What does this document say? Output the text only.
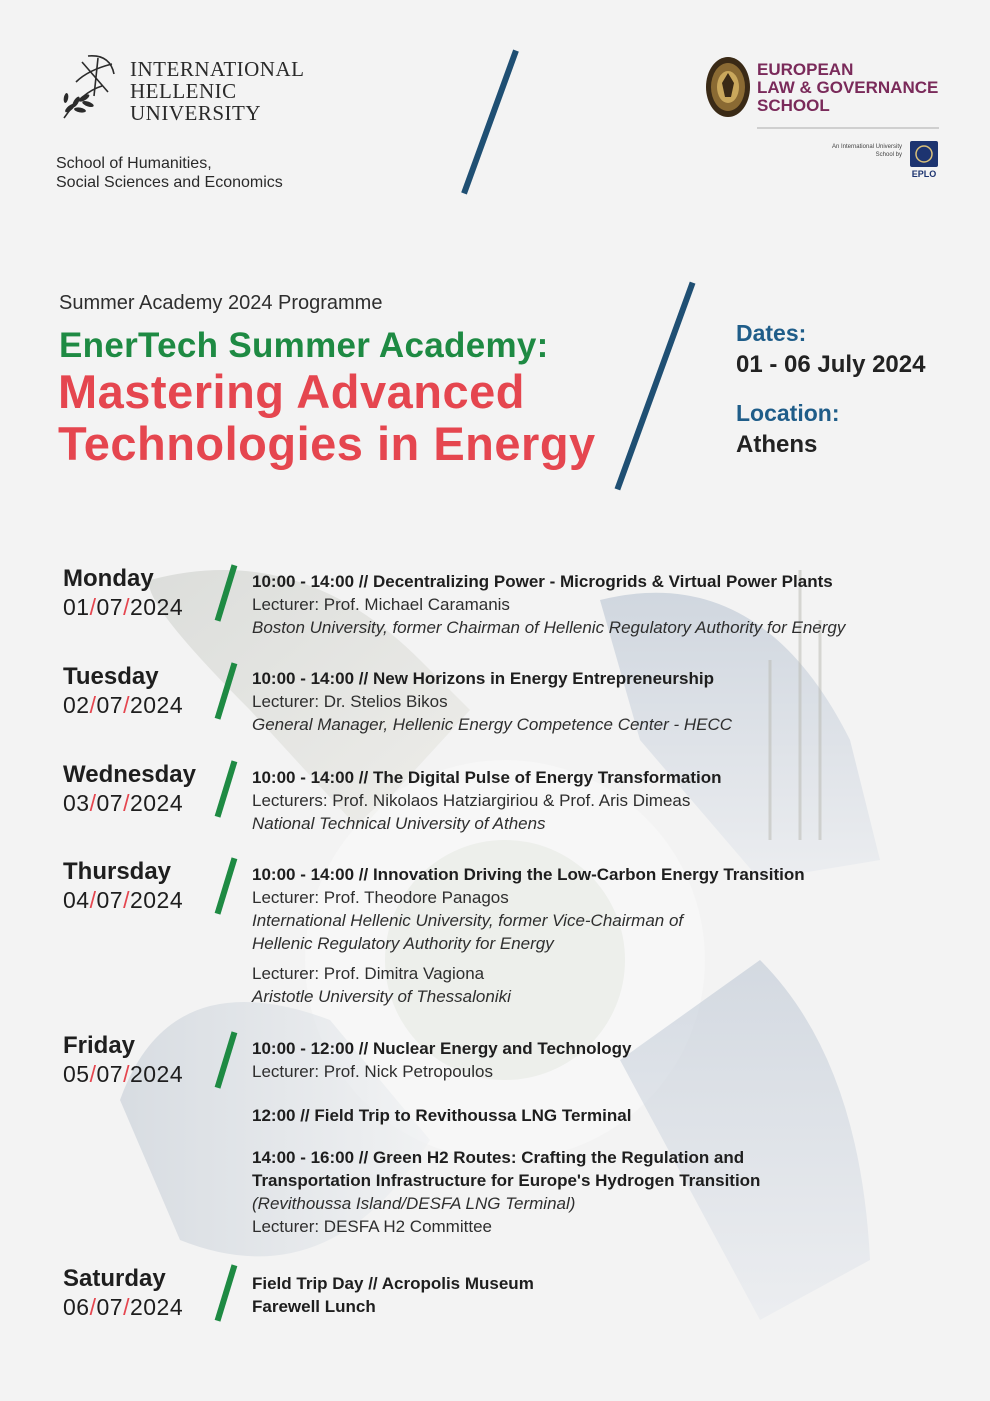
INTERNATIONAL
HELLENIC
UNIVERSITY
School of Humanities,
Social Sciences and Economics
EUROPEAN
LAW & GOVERNANCE
SCHOOL
An International University School by
EPLO
Summer Academy 2024 Programme
EnerTech Summer Academy:
Mastering Advanced
Technologies in Energy
Dates:
01 - 06 July 2024
Location:
Athens
Monday
01/07/2024
10:00 - 14:00 // Decentralizing Power - Microgrids & Virtual Power Plants
Lecturer: Prof. Michael Caramanis
Boston University, former Chairman of Hellenic Regulatory Authority for Energy
Tuesday
02/07/2024
10:00 - 14:00 // New Horizons in Energy Entrepreneurship
Lecturer: Dr. Stelios Bikos
General Manager, Hellenic Energy Competence Center - HECC
Wednesday
03/07/2024
10:00 - 14:00 // The Digital Pulse of Energy Transformation
Lecturers: Prof. Nikolaos Hatziargiriou & Prof. Aris Dimeas
National Technical University of Athens
Thursday
04/07/2024
10:00 - 14:00 // Innovation Driving the Low-Carbon Energy Transition
Lecturer: Prof. Theodore Panagos
International Hellenic University, former Vice-Chairman of
Hellenic Regulatory Authority for Energy
Lecturer: Prof. Dimitra Vagiona
Aristotle University of Thessaloniki
Friday
05/07/2024
10:00 - 12:00 // Nuclear Energy and Technology
Lecturer: Prof. Nick Petropoulos
12:00 // Field Trip to Revithoussa LNG Terminal
14:00 - 16:00 // Green H2 Routes: Crafting the Regulation and
Transportation Infrastructure for Europe's Hydrogen Transition
(Revithoussa Island/DESFA LNG Terminal)
Lecturer: DESFA H2 Committee
Saturday
06/07/2024
Field Trip Day // Acropolis Museum
Farewell Lunch
